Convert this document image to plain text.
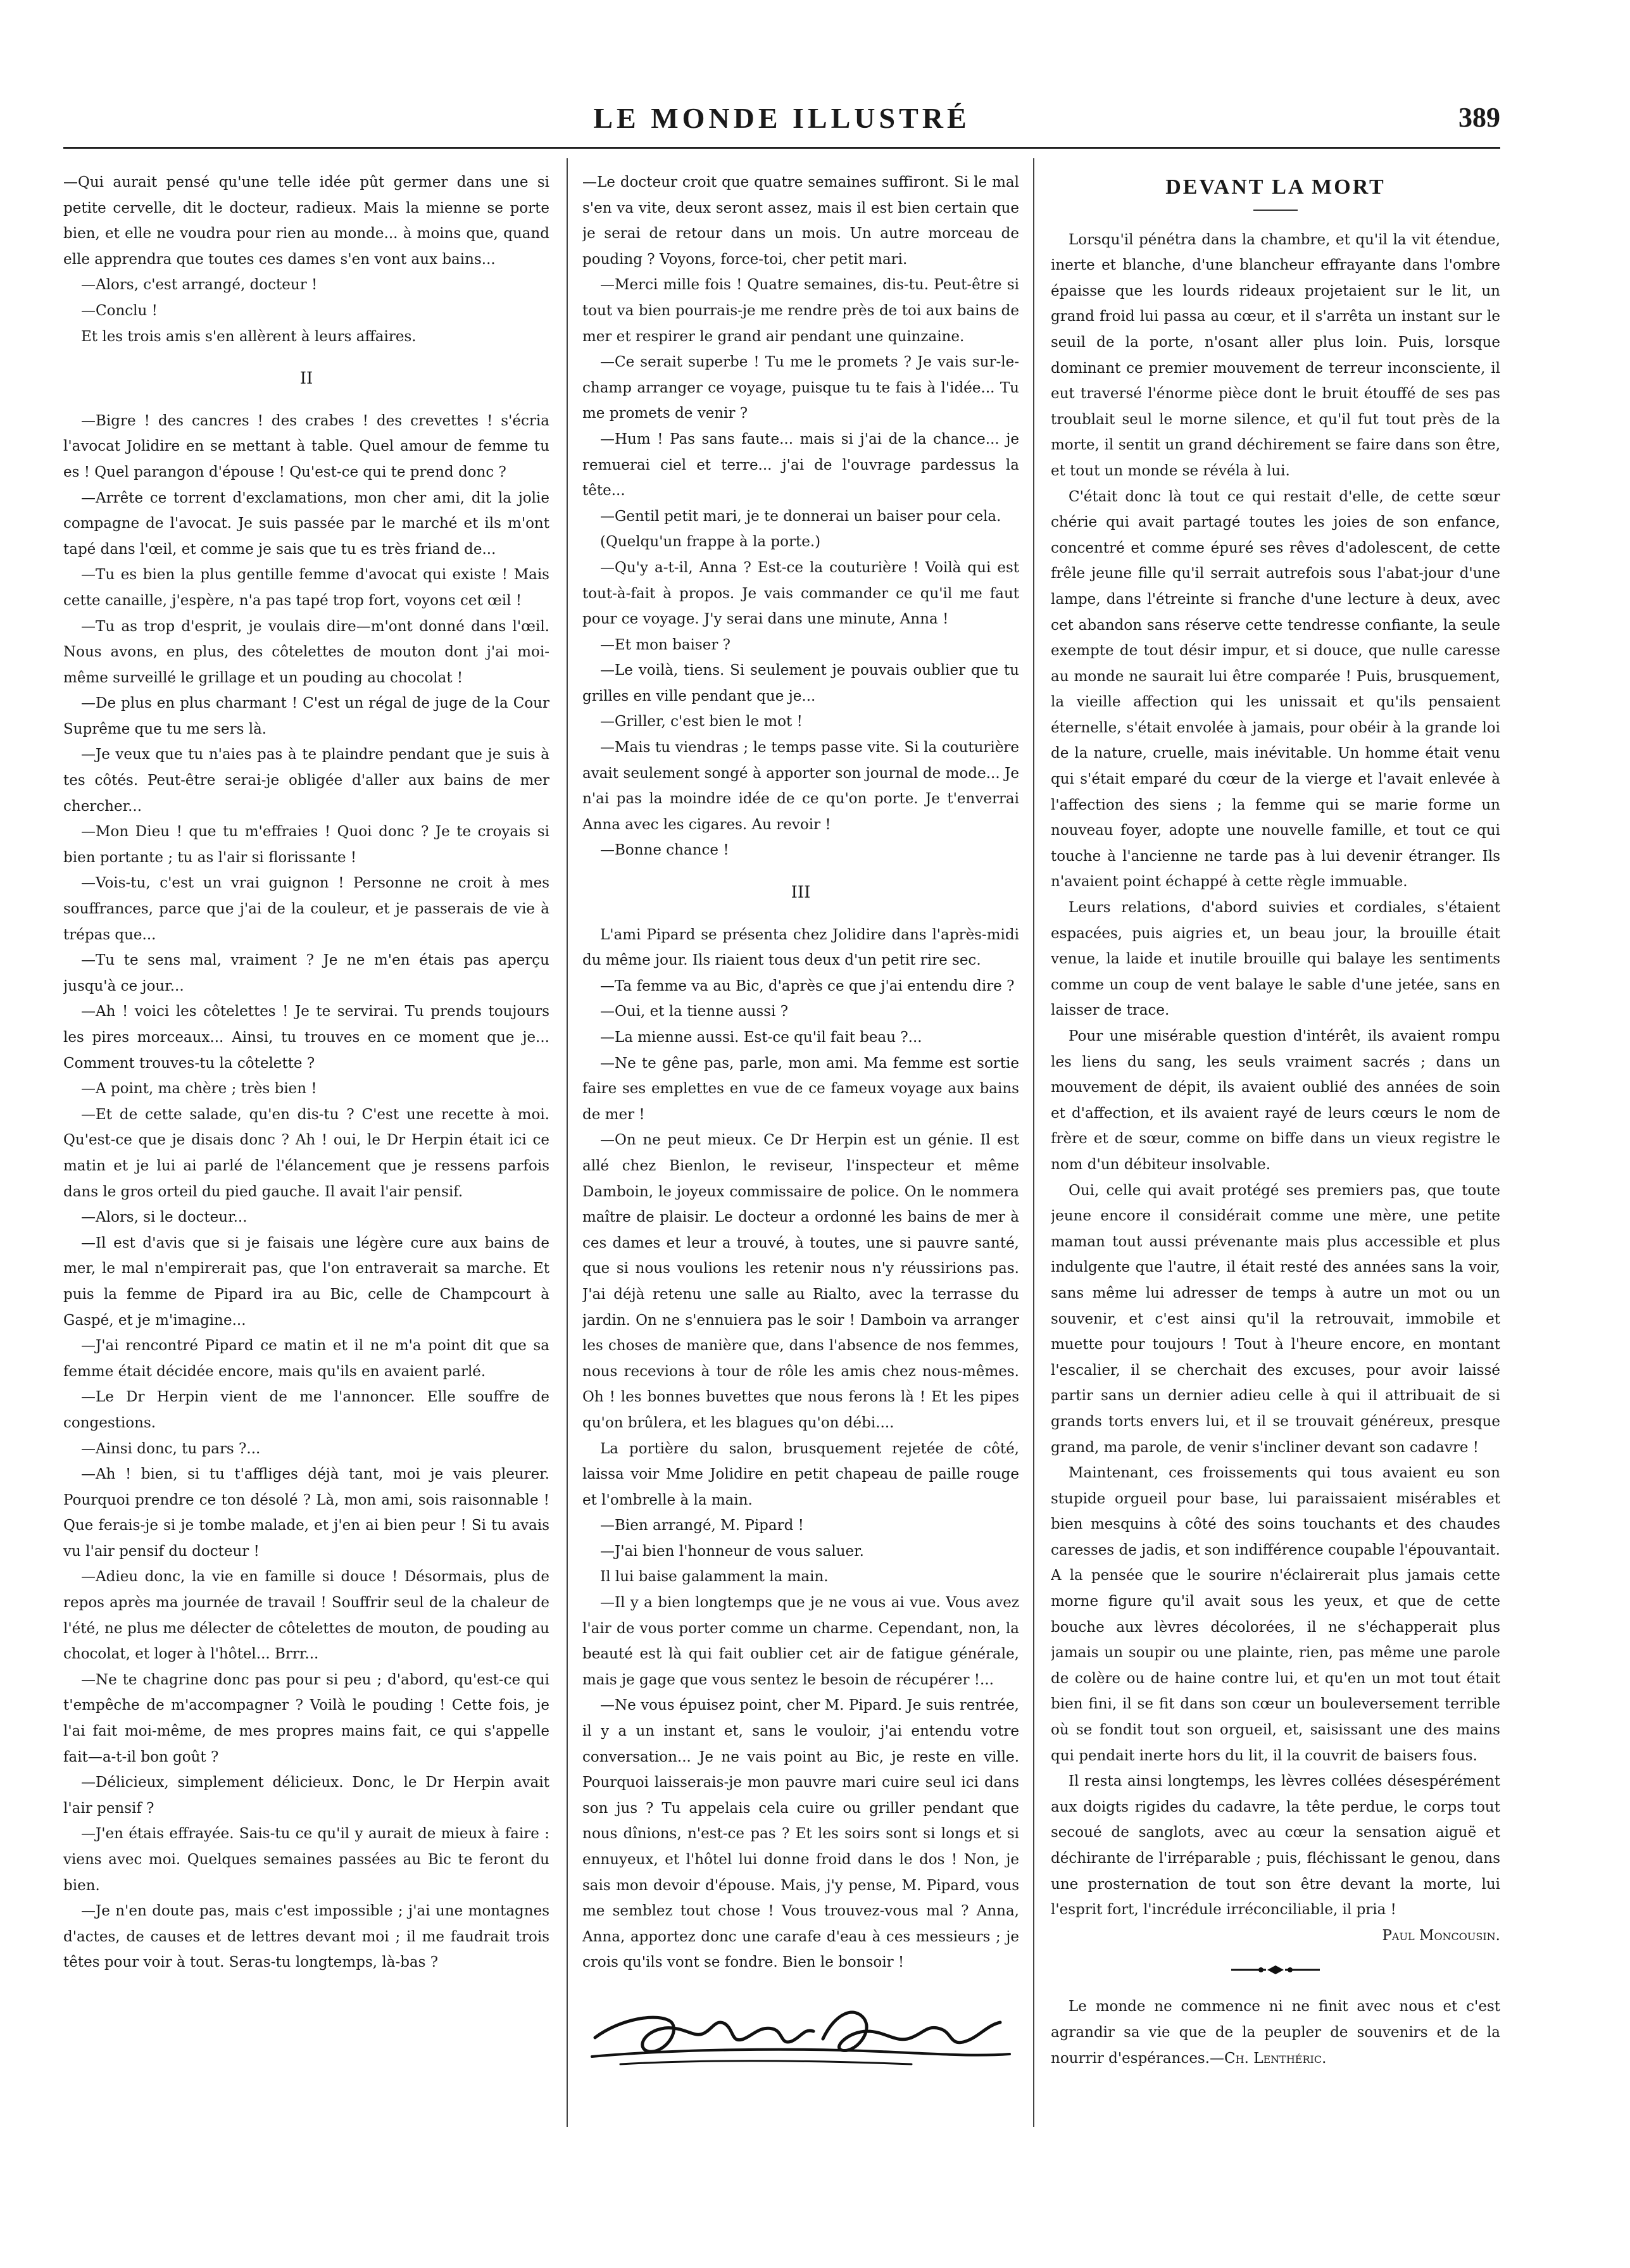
LE MONDE ILLUSTRÉ	389

—Qui aurait pensé qu'une telle idée pût germer dans une si petite cervelle, dit le docteur, radieux. Mais la mienne se porte bien, et elle ne voudra pour rien au monde... à moins que, quand elle apprendra que toutes ces dames s'en vont aux bains...

—Alors, c'est arrangé, docteur !

—Conclu !

Et les trois amis s'en allèrent à leurs affaires.

II

—Bigre ! des cancres ! des crabes ! des crevettes ! s'écria l'avocat Jolidire en se mettant à table. Quel amour de femme tu es ! Quel parangon d'épouse ! Qu'est-ce qui te prend donc ?

—Arrête ce torrent d'exclamations, mon cher ami, dit la jolie compagne de l'avocat. Je suis passée par le marché et ils m'ont tapé dans l'œil, et comme je sais que tu es très friand de...

—Tu es bien la plus gentille femme d'avocat qui existe ! Mais cette canaille, j'espère, n'a pas tapé trop fort, voyons cet œil !

—Tu as trop d'esprit, je voulais dire—m'ont donné dans l'œil. Nous avons, en plus, des côtelettes de mouton dont j'ai moi-même surveillé le grillage et un pouding au chocolat !

—De plus en plus charmant ! C'est un régal de juge de la Cour Suprême que tu me sers là.

—Je veux que tu n'aies pas à te plaindre pendant que je suis à tes côtés. Peut-être serai-je obligée d'aller aux bains de mer chercher...

—Mon Dieu ! que tu m'effraies ! Quoi donc ? Je te croyais si bien portante ; tu as l'air si florissante !

—Vois-tu, c'est un vrai guignon ! Personne ne croit à mes souffrances, parce que j'ai de la couleur, et je passerais de vie à trépas que...

—Tu te sens mal, vraiment ? Je ne m'en étais pas aperçu jusqu'à ce jour...

—Ah ! voici les côtelettes ! Je te servirai. Tu prends toujours les pires morceaux... Ainsi, tu trouves en ce moment que je... Comment trouves-tu la côtelette ?

—A point, ma chère ; très bien !

—Et de cette salade, qu'en dis-tu ? C'est une recette à moi. Qu'est-ce que je disais donc ? Ah ! oui, le Dr Herpin était ici ce matin et je lui ai parlé de l'élancement que je ressens parfois dans le gros orteil du pied gauche. Il avait l'air pensif.

—Alors, si le docteur...

—Il est d'avis que si je faisais une légère cure aux bains de mer, le mal n'empirerait pas, que l'on entraverait sa marche. Et puis la femme de Pipard ira au Bic, celle de Champcourt à Gaspé, et je m'imagine...

—J'ai rencontré Pipard ce matin et il ne m'a point dit que sa femme était décidée encore, mais qu'ils en avaient parlé.

—Le Dr Herpin vient de me l'annoncer. Elle souffre de congestions.

—Ainsi donc, tu pars ?...

—Ah ! bien, si tu t'affliges déjà tant, moi je vais pleurer. Pourquoi prendre ce ton désolé ? Là, mon ami, sois raisonnable ! Que ferais-je si je tombe malade, et j'en ai bien peur ! Si tu avais vu l'air pensif du docteur !

—Adieu donc, la vie en famille si douce ! Désormais, plus de repos après ma journée de travail ! Souffrir seul de la chaleur de l'été, ne plus me délecter de côtelettes de mouton, de pouding au chocolat, et loger à l'hôtel... Brrr...

—Ne te chagrine donc pas pour si peu ; d'abord, qu'est-ce qui t'empêche de m'accompagner ? Voilà le pouding ! Cette fois, je l'ai fait moi-même, de mes propres mains fait, ce qui s'appelle fait—a-t-il bon goût ?

—Délicieux, simplement délicieux. Donc, le Dr Herpin avait l'air pensif ?

—J'en étais effrayée. Sais-tu ce qu'il y aurait de mieux à faire : viens avec moi. Quelques semaines passées au Bic te feront du bien.

—Je n'en doute pas, mais c'est impossible ; j'ai une montagnes d'actes, de causes et de lettres devant moi ; il me faudrait trois têtes pour voir à tout. Seras-tu longtemps, là-bas ?

—Le docteur croit que quatre semaines suffiront. Si le mal s'en va vite, deux seront assez, mais il est bien certain que je serai de retour dans un mois. Un autre morceau de pouding ? Voyons, force-toi, cher petit mari.

—Merci mille fois ! Quatre semaines, dis-tu. Peut-être si tout va bien pourrais-je me rendre près de toi aux bains de mer et respirer le grand air pendant une quinzaine.

—Ce serait superbe ! Tu me le promets ? Je vais sur-le-champ arranger ce voyage, puisque tu te fais à l'idée... Tu me promets de venir ?

—Hum ! Pas sans faute... mais si j'ai de la chance... je remuerai ciel et terre... j'ai de l'ouvrage pardessus la tête...

—Gentil petit mari, je te donnerai un baiser pour cela.

(Quelqu'un frappe à la porte.)

—Qu'y a-t-il, Anna ? Est-ce la couturière ! Voilà qui est tout-à-fait à propos. Je vais commander ce qu'il me faut pour ce voyage. J'y serai dans une minute, Anna !

—Et mon baiser ?

—Le voilà, tiens. Si seulement je pouvais oublier que tu grilles en ville pendant que je...

—Griller, c'est bien le mot !

—Mais tu viendras ; le temps passe vite. Si la couturière avait seulement songé à apporter son journal de mode... Je n'ai pas la moindre idée de ce qu'on porte. Je t'enverrai Anna avec les cigares. Au revoir !

—Bonne chance !

III

L'ami Pipard se présenta chez Jolidire dans l'après-midi du même jour. Ils riaient tous deux d'un petit rire sec.

—Ta femme va au Bic, d'après ce que j'ai entendu dire ?

—Oui, et la tienne aussi ?

—La mienne aussi. Est-ce qu'il fait beau ?...

—Ne te gêne pas, parle, mon ami. Ma femme est sortie faire ses emplettes en vue de ce fameux voyage aux bains de mer !

—On ne peut mieux. Ce Dr Herpin est un génie. Il est allé chez Bienlon, le reviseur, l'inspecteur et même Damboin, le joyeux commissaire de police. On le nommera maître de plaisir. Le docteur a ordonné les bains de mer à ces dames et leur a trouvé, à toutes, une si pauvre santé, que si nous voulions les retenir nous n'y réussirions pas. J'ai déjà retenu une salle au Rialto, avec la terrasse du jardin. On ne s'ennuiera pas le soir ! Damboin va arranger les choses de manière que, dans l'absence de nos femmes, nous recevions à tour de rôle les amis chez nous-mêmes. Oh ! les bonnes buvettes que nous ferons là ! Et les pipes qu'on brûlera, et les blagues qu'on débi....

La portière du salon, brusquement rejetée de côté, laissa voir Mme Jolidire en petit chapeau de paille rouge et l'ombrelle à la main.

—Bien arrangé, M. Pipard !

—J'ai bien l'honneur de vous saluer.

Il lui baise galamment la main.

—Il y a bien longtemps que je ne vous ai vue. Vous avez l'air de vous porter comme un charme. Cependant, non, la beauté est là qui fait oublier cet air de fatigue générale, mais je gage que vous sentez le besoin de récupérer !...

—Ne vous épuisez point, cher M. Pipard. Je suis rentrée, il y a un instant et, sans le vouloir, j'ai entendu votre conversation... Je ne vais point au Bic, je reste en ville. Pourquoi laisserais-je mon pauvre mari cuire seul ici dans son jus ? Tu appelais cela cuire ou griller pendant que nous dînions, n'est-ce pas ? Et les soirs sont si longs et si ennuyeux, et l'hôtel lui donne froid dans le dos ! Non, je sais mon devoir d'épouse. Mais, j'y pense, M. Pipard, vous me semblez tout chose ! Vous trouvez-vous mal ? Anna, Anna, apportez donc une carafe d'eau à ces messieurs ; je crois qu'ils vont se fondre. Bien le bonsoir !

DEVANT LA MORT

Lorsqu'il pénétra dans la chambre, et qu'il la vit étendue, inerte et blanche, d'une blancheur effrayante dans l'ombre épaisse que les lourds rideaux projetaient sur le lit, un grand froid lui passa au cœur, et il s'arrêta un instant sur le seuil de la porte, n'osant aller plus loin. Puis, lorsque dominant ce premier mouvement de terreur inconsciente, il eut traversé l'énorme pièce dont le bruit étouffé de ses pas troublait seul le morne silence, et qu'il fut tout près de la morte, il sentit un grand déchirement se faire dans son être, et tout un monde se révéla à lui.

C'était donc là tout ce qui restait d'elle, de cette sœur chérie qui avait partagé toutes les joies de son enfance, concentré et comme épuré ses rêves d'adolescent, de cette frêle jeune fille qu'il serrait autrefois sous l'abat-jour d'une lampe, dans l'étreinte si franche d'une lecture à deux, avec cet abandon sans réserve cette tendresse confiante, la seule exempte de tout désir impur, et si douce, que nulle caresse au monde ne saurait lui être comparée ! Puis, brusquement, la vieille affection qui les unissait et qu'ils pensaient éternelle, s'était envolée à jamais, pour obéir à la grande loi de la nature, cruelle, mais inévitable. Un homme était venu qui s'était emparé du cœur de la vierge et l'avait enlevée à l'affection des siens ; la femme qui se marie forme un nouveau foyer, adopte une nouvelle famille, et tout ce qui touche à l'ancienne ne tarde pas à lui devenir étranger. Ils n'avaient point échappé à cette règle immuable.

Leurs relations, d'abord suivies et cordiales, s'étaient espacées, puis aigries et, un beau jour, la brouille était venue, la laide et inutile brouille qui balaye les sentiments comme un coup de vent balaye le sable d'une jetée, sans en laisser de trace.

Pour une misérable question d'intérêt, ils avaient rompu les liens du sang, les seuls vraiment sacrés ; dans un mouvement de dépit, ils avaient oublié des années de soin et d'affection, et ils avaient rayé de leurs cœurs le nom de frère et de sœur, comme on biffe dans un vieux registre le nom d'un débiteur insolvable.

Oui, celle qui avait protégé ses premiers pas, que toute jeune encore il considérait comme une mère, une petite maman tout aussi prévenante mais plus accessible et plus indulgente que l'autre, il était resté des années sans la voir, sans même lui adresser de temps à autre un mot ou un souvenir, et c'est ainsi qu'il la retrouvait, immobile et muette pour toujours ! Tout à l'heure encore, en montant l'escalier, il se cherchait des excuses, pour avoir laissé partir sans un dernier adieu celle à qui il attribuait de si grands torts envers lui, et il se trouvait généreux, presque grand, ma parole, de venir s'incliner devant son cadavre !

Maintenant, ces froissements qui tous avaient eu son stupide orgueil pour base, lui paraissaient misérables et bien mesquins à côté des soins touchants et des chaudes caresses de jadis, et son indifférence coupable l'épouvantait. A la pensée que le sourire n'éclairerait plus jamais cette morne figure qu'il avait sous les yeux, et que de cette bouche aux lèvres décolorées, il ne s'échapperait plus jamais un soupir ou une plainte, rien, pas même une parole de colère ou de haine contre lui, et qu'en un mot tout était bien fini, il se fit dans son cœur un bouleversement terrible où se fondit tout son orgueil, et, saisissant une des mains qui pendait inerte hors du lit, il la couvrit de baisers fous.

Il resta ainsi longtemps, les lèvres collées désespérément aux doigts rigides du cadavre, la tête perdue, le corps tout secoué de sanglots, avec au cœur la sensation aiguë et déchirante de l'irréparable ; puis, fléchissant le genou, dans une prosternation de tout son être devant la morte, lui l'esprit fort, l'incrédule irréconciliable, il pria !

Paul Moncousin.

Le monde ne commence ni ne finit avec nous et c'est agrandir sa vie que de la peupler de souvenirs et de la nourrir d'espérances.—Ch. Lenthéric.
